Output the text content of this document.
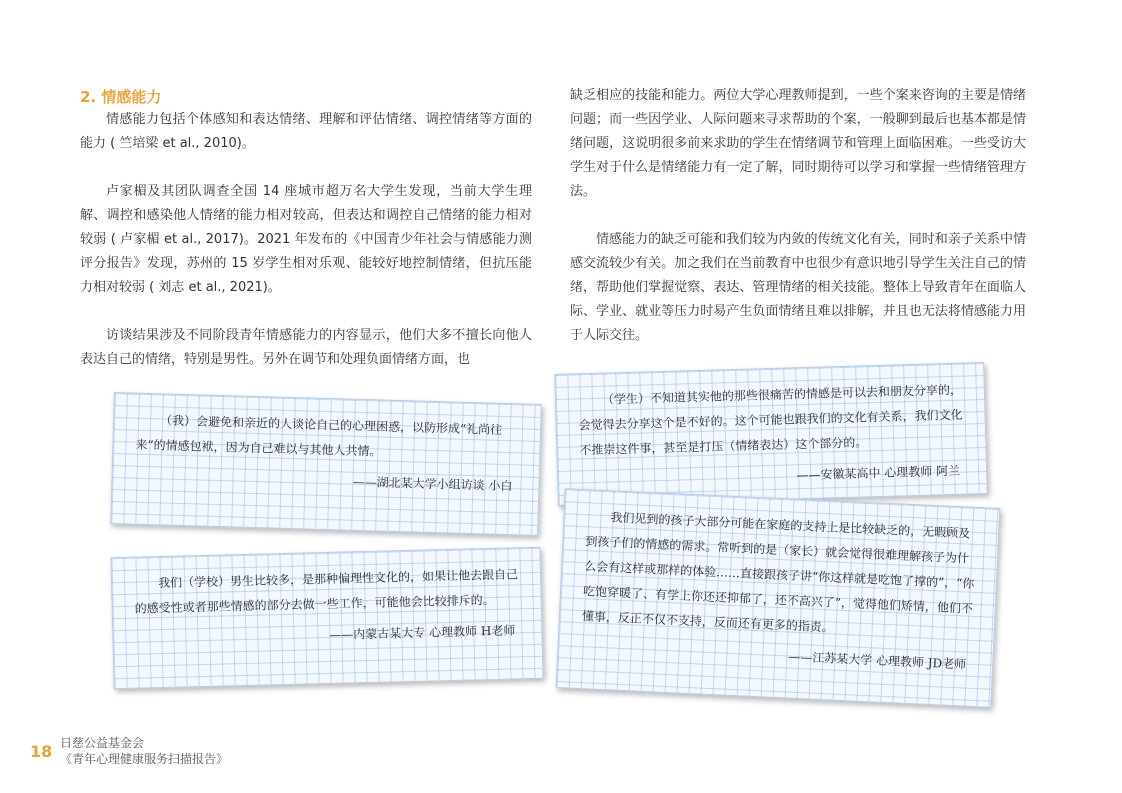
2. 情感能力

情感能力包括个体感知和表达情绪、理解和评估情绪、调控情绪等方面的能力 ( 竺培梁 et al., 2010)。

卢家楣及其团队调查全国 14 座城市超万名大学生发现，当前大学生理解、调控和感染他人情绪的能力相对较高，但表达和调控自己情绪的能力相对较弱 ( 卢家楣 et al., 2017)。2021 年发布的《中国青少年社会与情感能力测评分报告》发现，苏州的 15 岁学生相对乐观、能较好地控制情绪，但抗压能力相对较弱 ( 刘志 et al., 2021)。

访谈结果涉及不同阶段青年情感能力的内容显示，他们大多不擅长向他人表达自己的情绪，特别是男性。另外在调节和处理负面情绪方面，也

缺乏相应的技能和能力。两位大学心理教师提到，一些个案来咨询的主要是情绪问题；而一些因学业、人际问题来寻求帮助的个案，一般聊到最后也基本都是情绪问题，这说明很多前来求助的学生在情绪调节和管理上面临困难。一些受访大学生对于什么是情绪能力有一定了解，同时期待可以学习和掌握一些情绪管理方法。

情感能力的缺乏可能和我们较为内敛的传统文化有关，同时和亲子关系中情感交流较少有关。加之我们在当前教育中也很少有意识地引导学生关注自己的情绪，帮助他们掌握觉察、表达、管理情绪的相关技能。整体上导致青年在面临人际、学业、就业等压力时易产生负面情绪且难以排解，并且也无法将情感能力用于人际交往。

（我）会避免和亲近的人谈论自己的心理困惑，以防形成“礼尚往来”的情感包袱，因为自己难以与其他人共情。

——湖北某大学小组访谈 小白

（学生）不知道其实他的那些很痛苦的情感是可以去和朋友分享的，会觉得去分享这个是不好的。这个可能也跟我们的文化有关系，我们文化不推崇这件事，甚至是打压（情绪表达）这个部分的。

——安徽某高中 心理教师 阿兰

我们（学校）男生比较多，是那种偏理性文化的，如果让他去跟自己的感受性或者那些情感的部分去做一些工作，可能他会比较排斥的。

——内蒙古某大专 心理教师 H老师

我们见到的孩子大部分可能在家庭的支持上是比较缺乏的，无暇顾及到孩子们的情感的需求。常听到的是（家长）就会觉得很难理解孩子为什么会有这样或那样的体验……直接跟孩子讲“你这样就是吃饱了撑的”，“你吃饱穿暖了、有学上你还还抑郁了，还不高兴了”，觉得他们矫情，他们不懂事，反正不仅不支持，反而还有更多的指责。

——江苏某大学 心理教师 JD老师

18 日慈公益基金会
《青年心理健康服务扫描报告》
